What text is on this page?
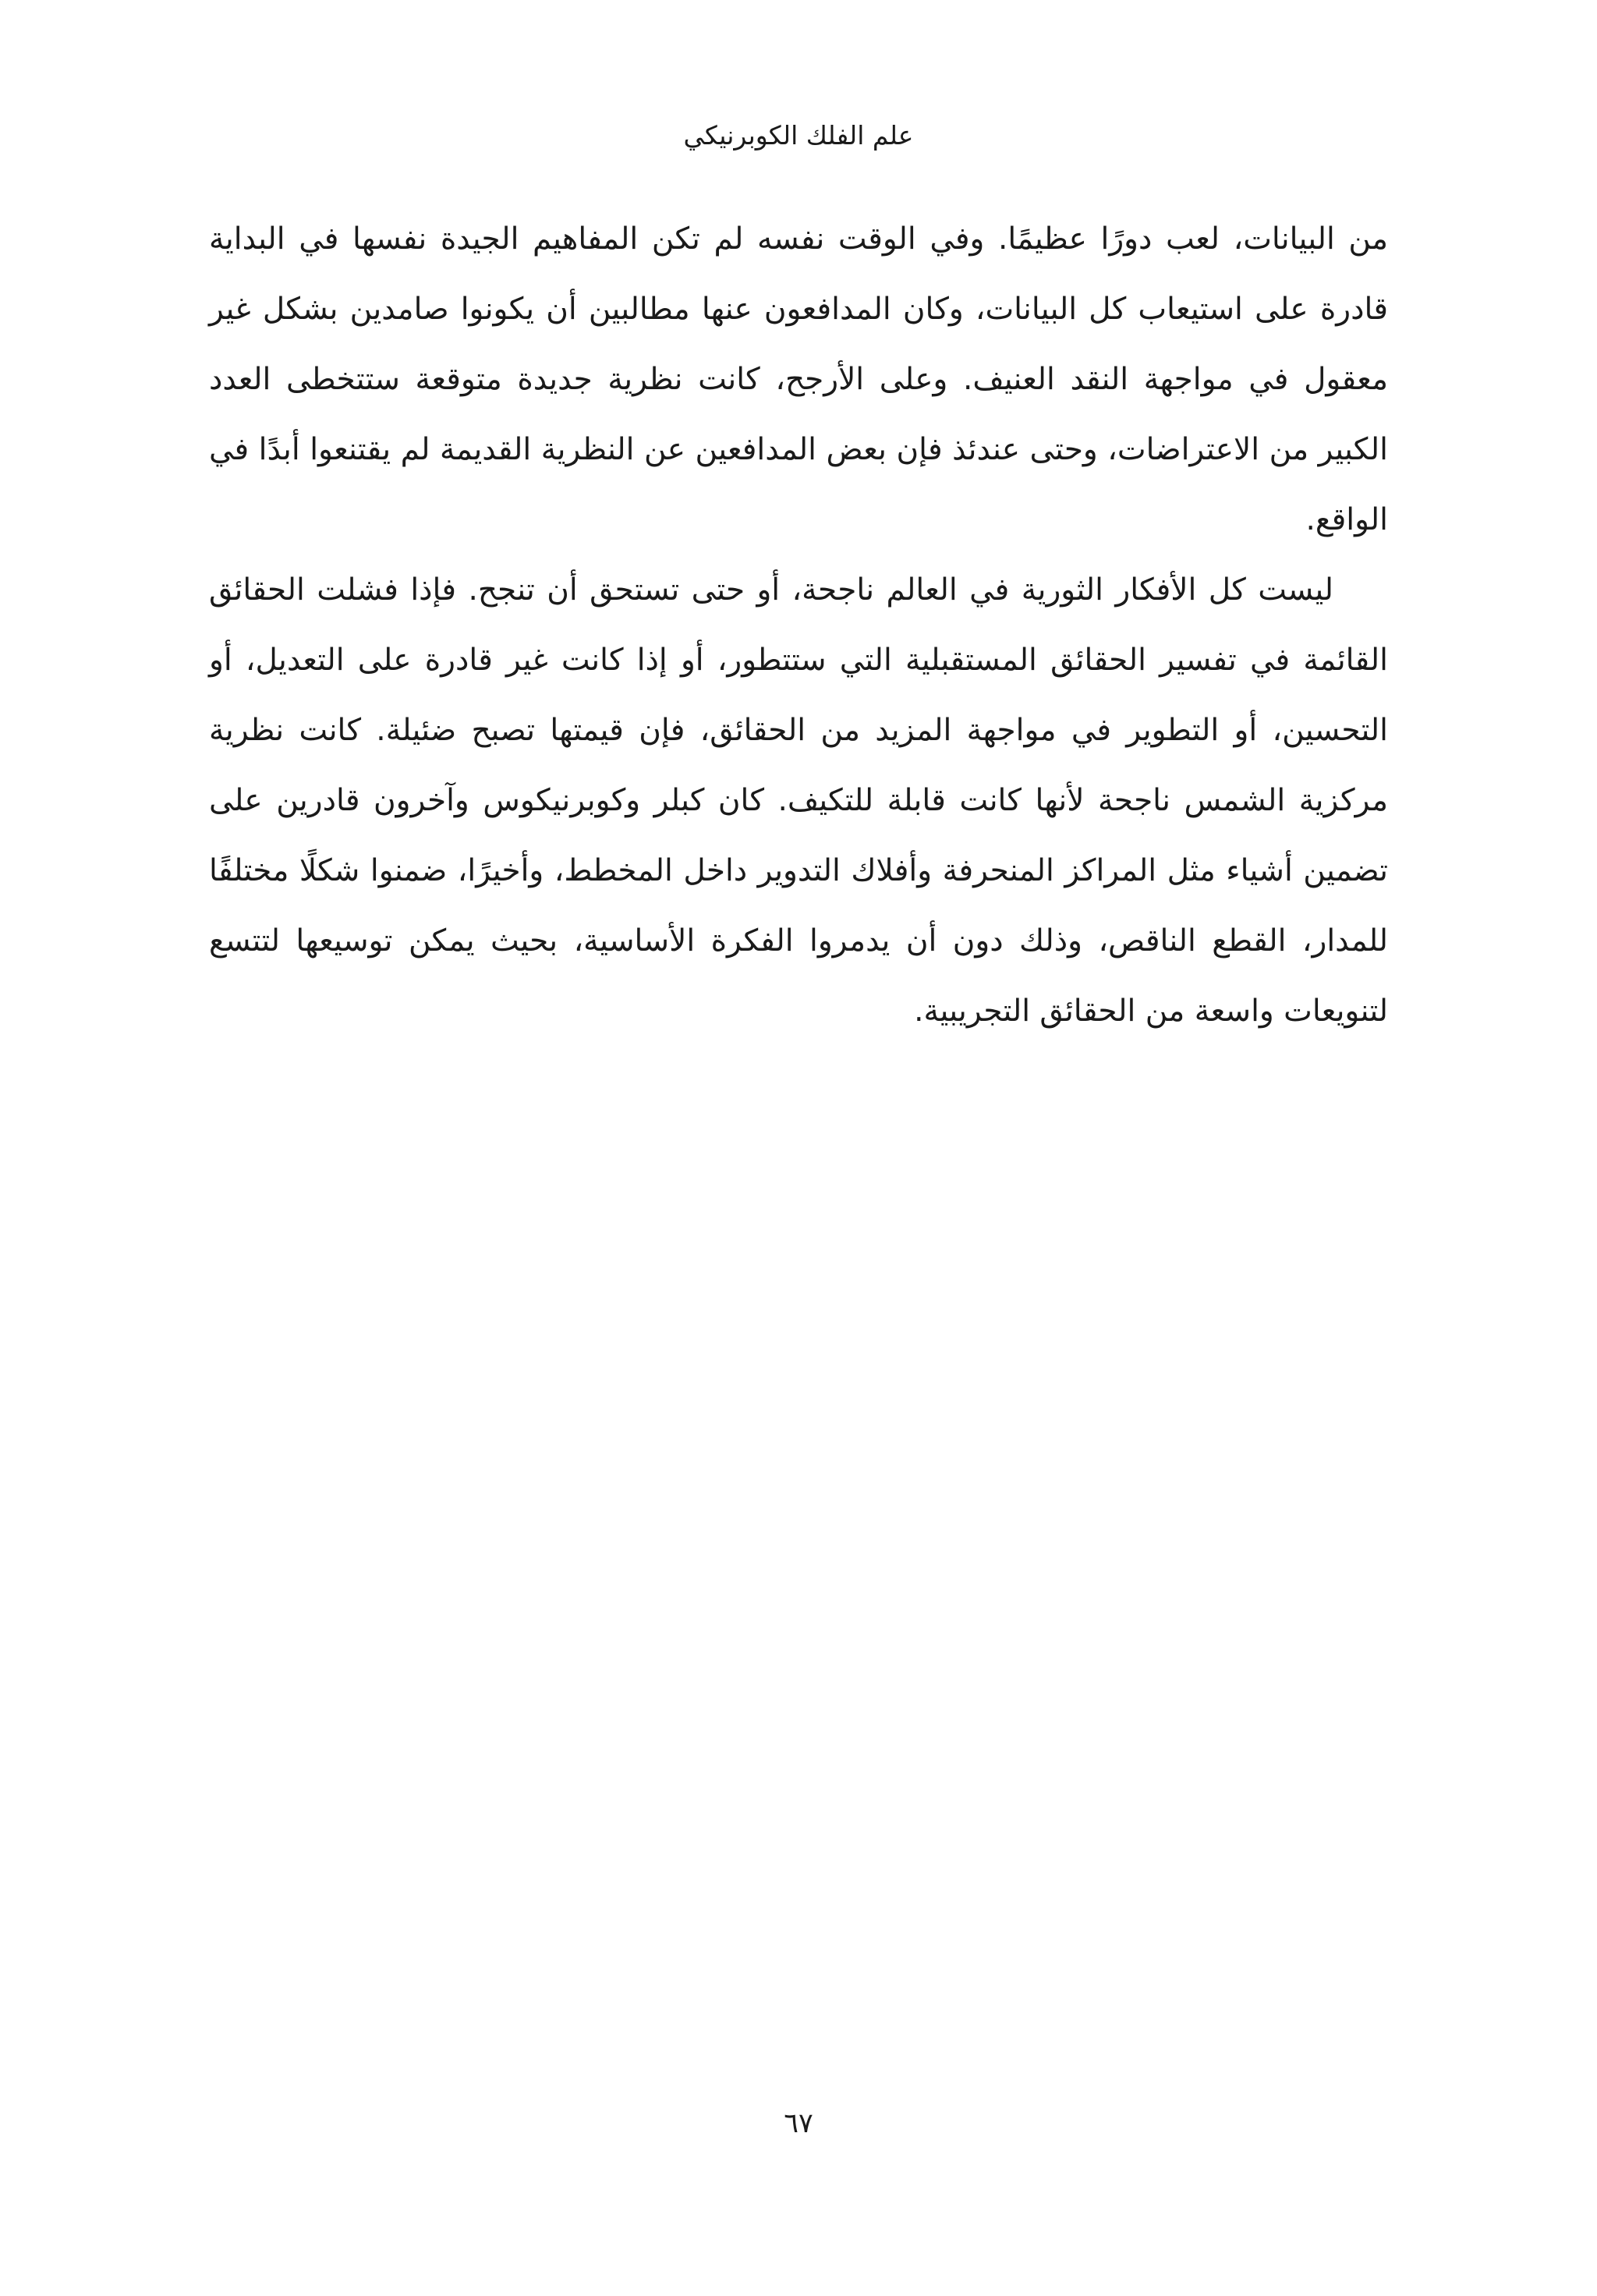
علم الفلك الكوبرنيكي

من البيانات، لعب دورًا عظيمًا. وفي الوقت نفسه لم تكن المفاهيم الجيدة نفسها في البداية قادرة على استيعاب كل البيانات، وكان المدافعون عنها مطالبين أن يكونوا صامدين بشكل غير معقول في مواجهة النقد العنيف. وعلى الأرجح، كانت نظرية جديدة متوقعة ستتخطى العدد الكبير من الاعتراضات، وحتى عندئذ فإن بعض المدافعين عن النظرية القديمة لم يقتنعوا أبدًا في الواقع.

ليست كل الأفكار الثورية في العالم ناجحة، أو حتى تستحق أن تنجح. فإذا فشلت الحقائق القائمة في تفسير الحقائق المستقبلية التي ستتطور، أو إذا كانت غير قادرة على التعديل، أو التحسين، أو التطوير في مواجهة المزيد من الحقائق، فإن قيمتها تصبح ضئيلة. كانت نظرية مركزية الشمس ناجحة لأنها كانت قابلة للتكيف. كان كبلر وكوبرنيكوس وآخرون قادرين على تضمين أشياء مثل المراكز المنحرفة وأفلاك التدوير داخل المخطط، وأخيرًا، ضمنوا شكلًا مختلفًا للمدار، القطع الناقص، وذلك دون أن يدمروا الفكرة الأساسية، بحيث يمكن توسيعها لتتسع لتنويعات واسعة من الحقائق التجريبية.

٦٧
